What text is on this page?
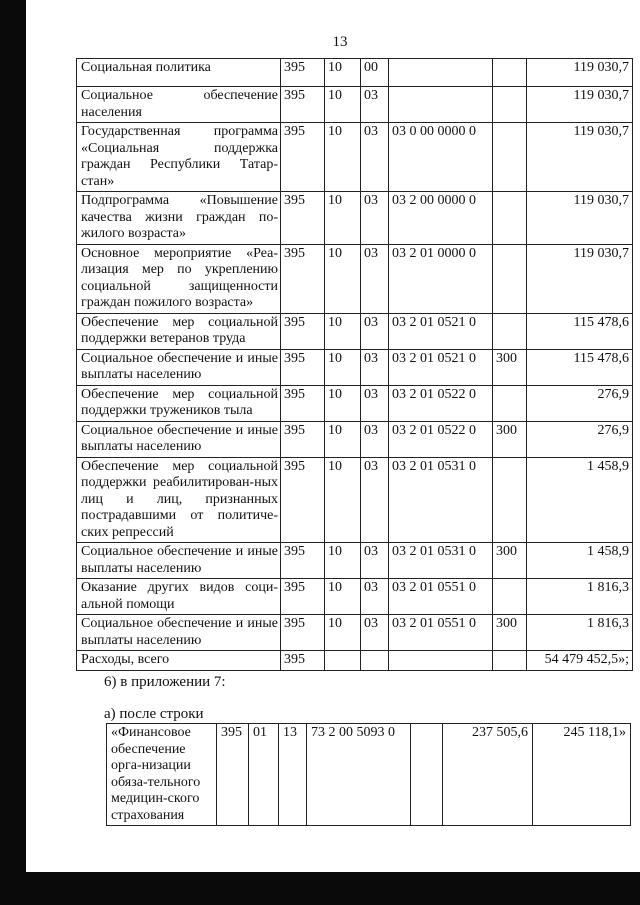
13
Социальная политика	395	10	00			119 030,7
Социальное обеспечение населения	395	10	03			119 030,7
Государственная программа «Социальная поддержка граждан Республики Татар-стан»	395	10	03	03 0 00 0000 0		119 030,7
Подпрограмма «Повышение качества жизни граждан по-жилого возраста»	395	10	03	03 2 00 0000 0		119 030,7
Основное мероприятие «Реа-лизация мер по укреплению социальной защищенности граждан пожилого возраста»	395	10	03	03 2 01 0000 0		119 030,7
Обеспечение мер социальной поддержки ветеранов труда	395	10	03	03 2 01 0521 0		115 478,6
Социальное обеспечение и иные выплаты населению	395	10	03	03 2 01 0521 0	300	115 478,6
Обеспечение мер социальной поддержки тружеников тыла	395	10	03	03 2 01 0522 0		276,9
Социальное обеспечение и иные выплаты населению	395	10	03	03 2 01 0522 0	300	276,9
Обеспечение мер социальной поддержки реабилитирован-ных лиц и лиц, признанных пострадавшими от политиче-ских репрессий	395	10	03	03 2 01 0531 0		1 458,9
Социальное обеспечение и иные выплаты населению	395	10	03	03 2 01 0531 0	300	1 458,9
Оказание других видов соци-альной помощи	395	10	03	03 2 01 0551 0		1 816,3
Социальное обеспечение и иные выплаты населению	395	10	03	03 2 01 0551 0	300	1 816,3
Расходы, всего	395					54 479 452,5»;
6) в приложении 7:
а) после строки
«Финансовое обеспечение орга-низации обяза-тельного медицин-ского страхования	395	01	13	73 2 00 5093 0		237 505,6	245 118,1»
